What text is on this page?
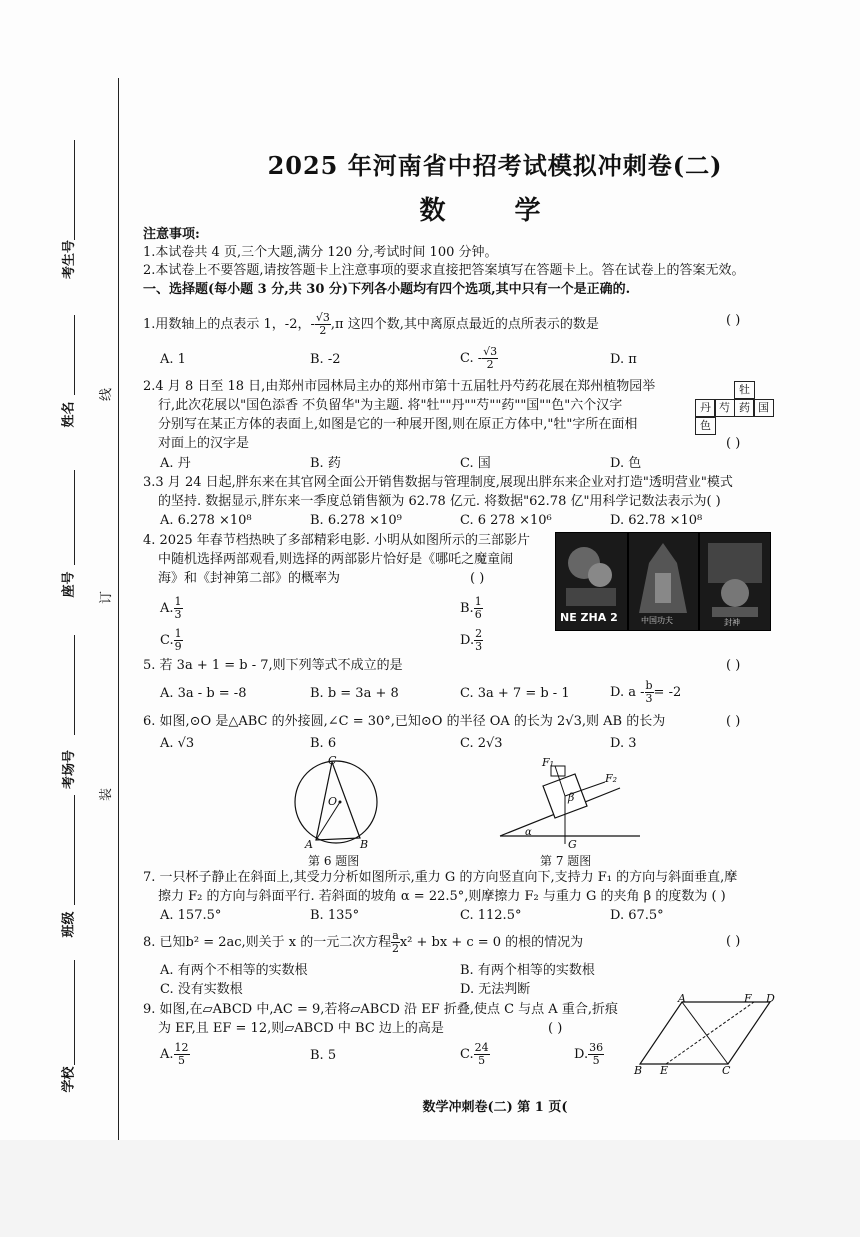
考生号
姓名
座号
考场号
班级
学校
线
订
装
2025 年河南省中招考试模拟冲刺卷(二)
数 学
注意事项:
1.本试卷共 4 页,三个大题,满分 120 分,考试时间 100 分钟。
2.本试卷上不要答题,请按答题卡上注意事项的要求直接把答案填写在答题卡上。答在试卷上的答案无效。
一、选择题(每小题 3 分,共 30 分)下列各小题均有四个选项,其中只有一个是正确的.
1.用数轴上的点表示 1，-2，- $\frac{√3}{2} ,\pi$ 这四个数,其中离原点最近的点所表示的数是	( )
A. 1	B. -2	C. - $\frac{√3}{2}$	D. π
2.4 月 8 日至 18 日,由郑州市园林局主办的郑州市第十五届牡丹芍药花展在郑州植物园举
行,此次花展以"国色添香 不负留华"为主题. 将"牡""丹""芍""药""国""色"六个汉字
分别写在某正方体的表面上,如图是它的一种展开图,则在原正方体中,"牡"字所在面相
对面上的汉字是	( )
牡
丹 芍 药 国
色
A. 丹	B. 药	C. 国	D. 色
3.3 月 24 日起,胖东来在其官网全面公开销售数据与管理制度,展现出胖东来企业对打造"透明营业"模式
的坚持. 数据显示,胖东来一季度总销售额为 62.78 亿元. 将数据"62.78 亿"用科学记数法表示为( )
A. 6.278 ×10⁸	B. 6.278 ×10⁹	C. 6 278 ×10⁶	D. 62.78 ×10⁸
4. 2025 年春节档热映了多部精彩电影. 小明从如图所示的三部影片
中随机选择两部观看,则选择的两部影片恰好是《哪吒之魔童闹
海》和《封神第二部》的概率为	( )
A. $\frac{1}{3}$	B. $\frac{1}{6}$
C. $\frac{1}{9}$	D. $\frac{2}{3}$
NE ZHA 2	中国功夫	封神
5. 若 3a + 1 = b - 7,则下列等式不成立的是	( )
A. 3a - b = -8	B. b = 3a + 8	C. 3a + 7 = b - 1	D. $a - \frac{b}{3} = -2$
6. 如图,⊙O 是△ABC 的外接圆,∠C = 30°,已知⊙O 的半径 OA 的长为 2√3,则 AB 的长为	( )
A. √3	B. 6	C. 2√3	D. 3
C
O
A	B
第 6 题图
F₁
F₂
β
α
G
第 7 题图
7. 一只杯子静止在斜面上,其受力分析如图所示,重力 G 的方向竖直向下,支持力 F₁ 的方向与斜面垂直,摩
擦力 F₂ 的方向与斜面平行. 若斜面的坡角 α = 22.5°,则摩擦力 F₂ 与重力 G 的夹角 β 的度数为 ( )
A. 157.5°	B. 135°	C. 112.5°	D. 67.5°
8. 已知b² = 2ac,则关于 x 的一元二次方程 $\frac{a}{2} x^2$ + bx + c = 0 的根的情况为	( )
A. 有两个不相等的实数根	B. 有两个相等的实数根
C. 没有实数根	D. 无法判断
9. 如图,在▱ABCD 中,AC = 9,若将▱ABCD 沿 EF 折叠,使点 C 与点 A 重合,折痕
为 EF,且 EF = 12,则▱ABCD 中 BC 边上的高是	( )
A. $\frac{12}{5}$	B. 5	C. $\frac{24}{5}$	D. $\frac{36}{5}$
A	F D
B E	C
数学冲刺卷(二) 第 1 页(
